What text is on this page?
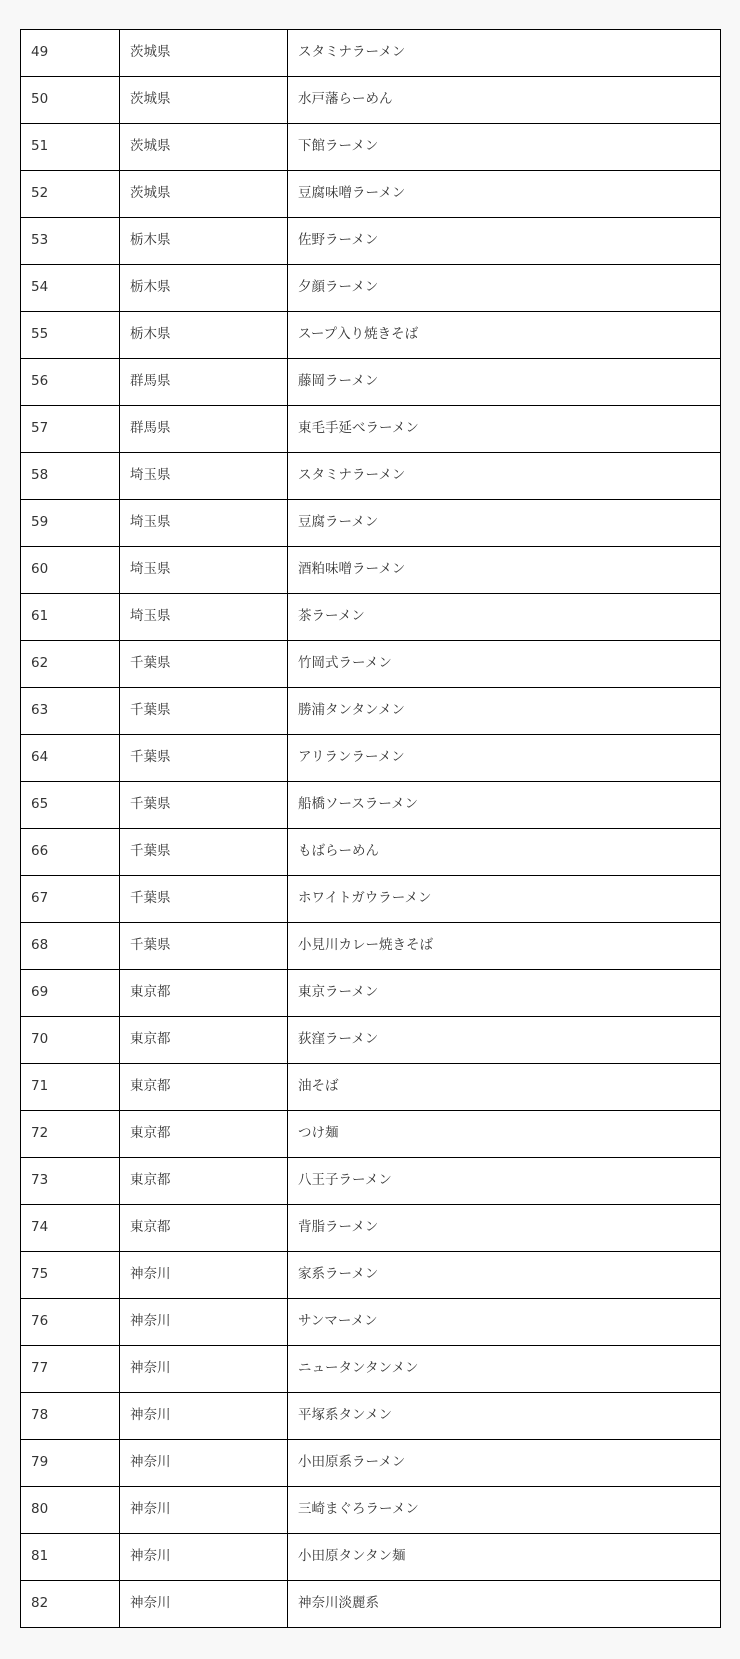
49	茨城県	スタミナラーメン
50	茨城県	水戸藩らーめん
51	茨城県	下館ラーメン
52	茨城県	豆腐味噌ラーメン
53	栃木県	佐野ラーメン
54	栃木県	夕顔ラーメン
55	栃木県	スープ入り焼きそば
56	群馬県	藤岡ラーメン
57	群馬県	東毛手延べラーメン
58	埼玉県	スタミナラーメン
59	埼玉県	豆腐ラーメン
60	埼玉県	酒粕味噌ラーメン
61	埼玉県	茶ラーメン
62	千葉県	竹岡式ラーメン
63	千葉県	勝浦タンタンメン
64	千葉県	アリランラーメン
65	千葉県	船橋ソースラーメン
66	千葉県	もばらーめん
67	千葉県	ホワイトガウラーメン
68	千葉県	小見川カレー焼きそば
69	東京都	東京ラーメン
70	東京都	荻窪ラーメン
71	東京都	油そば
72	東京都	つけ麺
73	東京都	八王子ラーメン
74	東京都	背脂ラーメン
75	神奈川	家系ラーメン
76	神奈川	サンマーメン
77	神奈川	ニュータンタンメン
78	神奈川	平塚系タンメン
79	神奈川	小田原系ラーメン
80	神奈川	三崎まぐろラーメン
81	神奈川	小田原タンタン麺
82	神奈川	神奈川淡麗系
